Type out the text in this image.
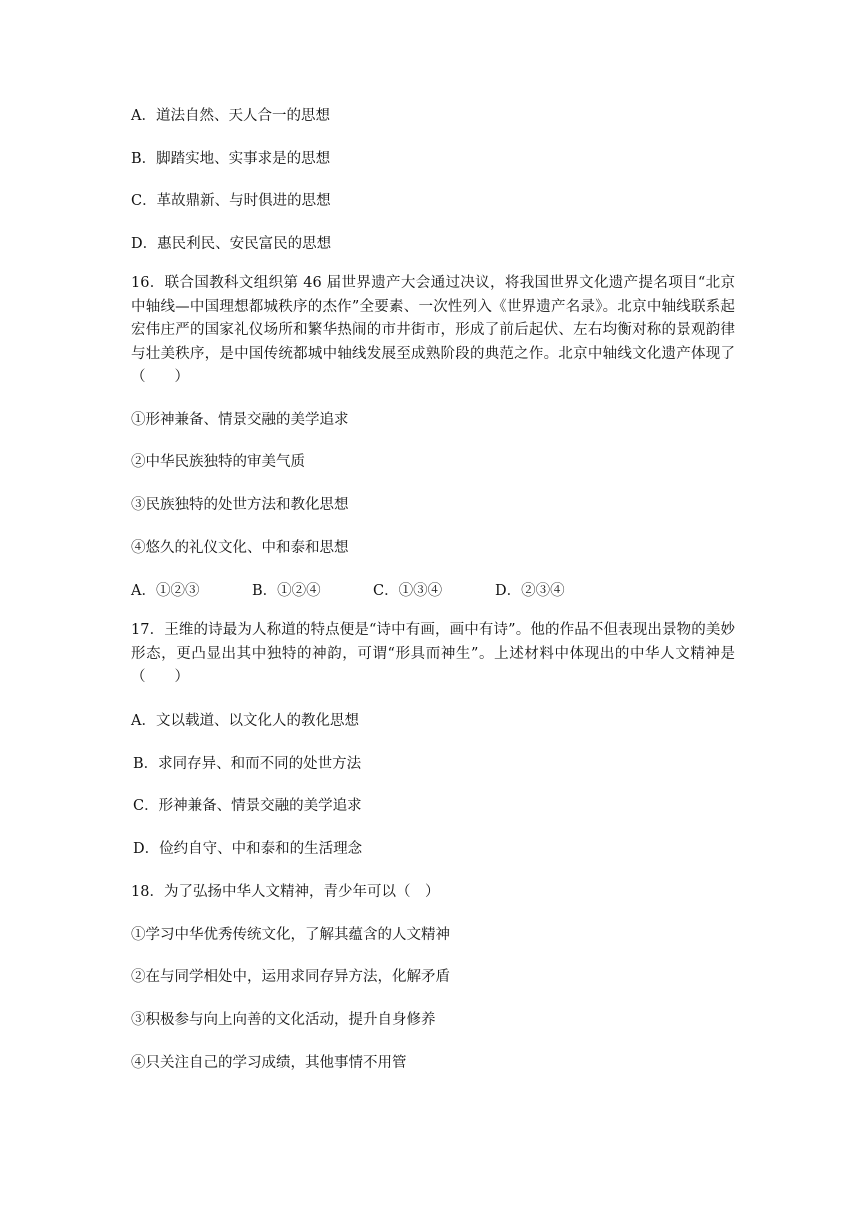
A．道法自然、天人合一的思想
B．脚踏实地、实事求是的思想
C．革故鼎新、与时俱进的思想
D．惠民利民、安民富民的思想
16．联合国教科文组织第 46 届世界遗产大会通过决议，将我国世界文化遗产提名项目“北京中轴线—中国理想都城秩序的杰作”全要素、一次性列入《世界遗产名录》。北京中轴线联系起宏伟庄严的国家礼仪场所和繁华热闹的市井街市，形成了前后起伏、左右均衡对称的景观韵律与壮美秩序，是中国传统都城中轴线发展至成熟阶段的典范之作。北京中轴线文化遗产体现了（　　）
①形神兼备、情景交融的美学追求
②中华民族独特的审美气质
③民族独特的处世方法和教化思想
④悠久的礼仪文化、中和泰和思想
A．①②③	B．①②④	C．①③④	D．②③④
17．王维的诗最为人称道的特点便是“诗中有画，画中有诗”。他的作品不但表现出景物的美妙形态，更凸显出其中独特的神韵，可谓“形具而神生”。上述材料中体现出的中华人文精神是（　　）
A．文以载道、以文化人的教化思想
B．求同存异、和而不同的处世方法
C．形神兼备、情景交融的美学追求
D．俭约自守、中和泰和的生活理念
18．为了弘扬中华人文精神，青少年可以（　）
①学习中华优秀传统文化，了解其蕴含的人文精神
②在与同学相处中，运用求同存异方法，化解矛盾
③积极参与向上向善的文化活动，提升自身修养
④只关注自己的学习成绩，其他事情不用管
